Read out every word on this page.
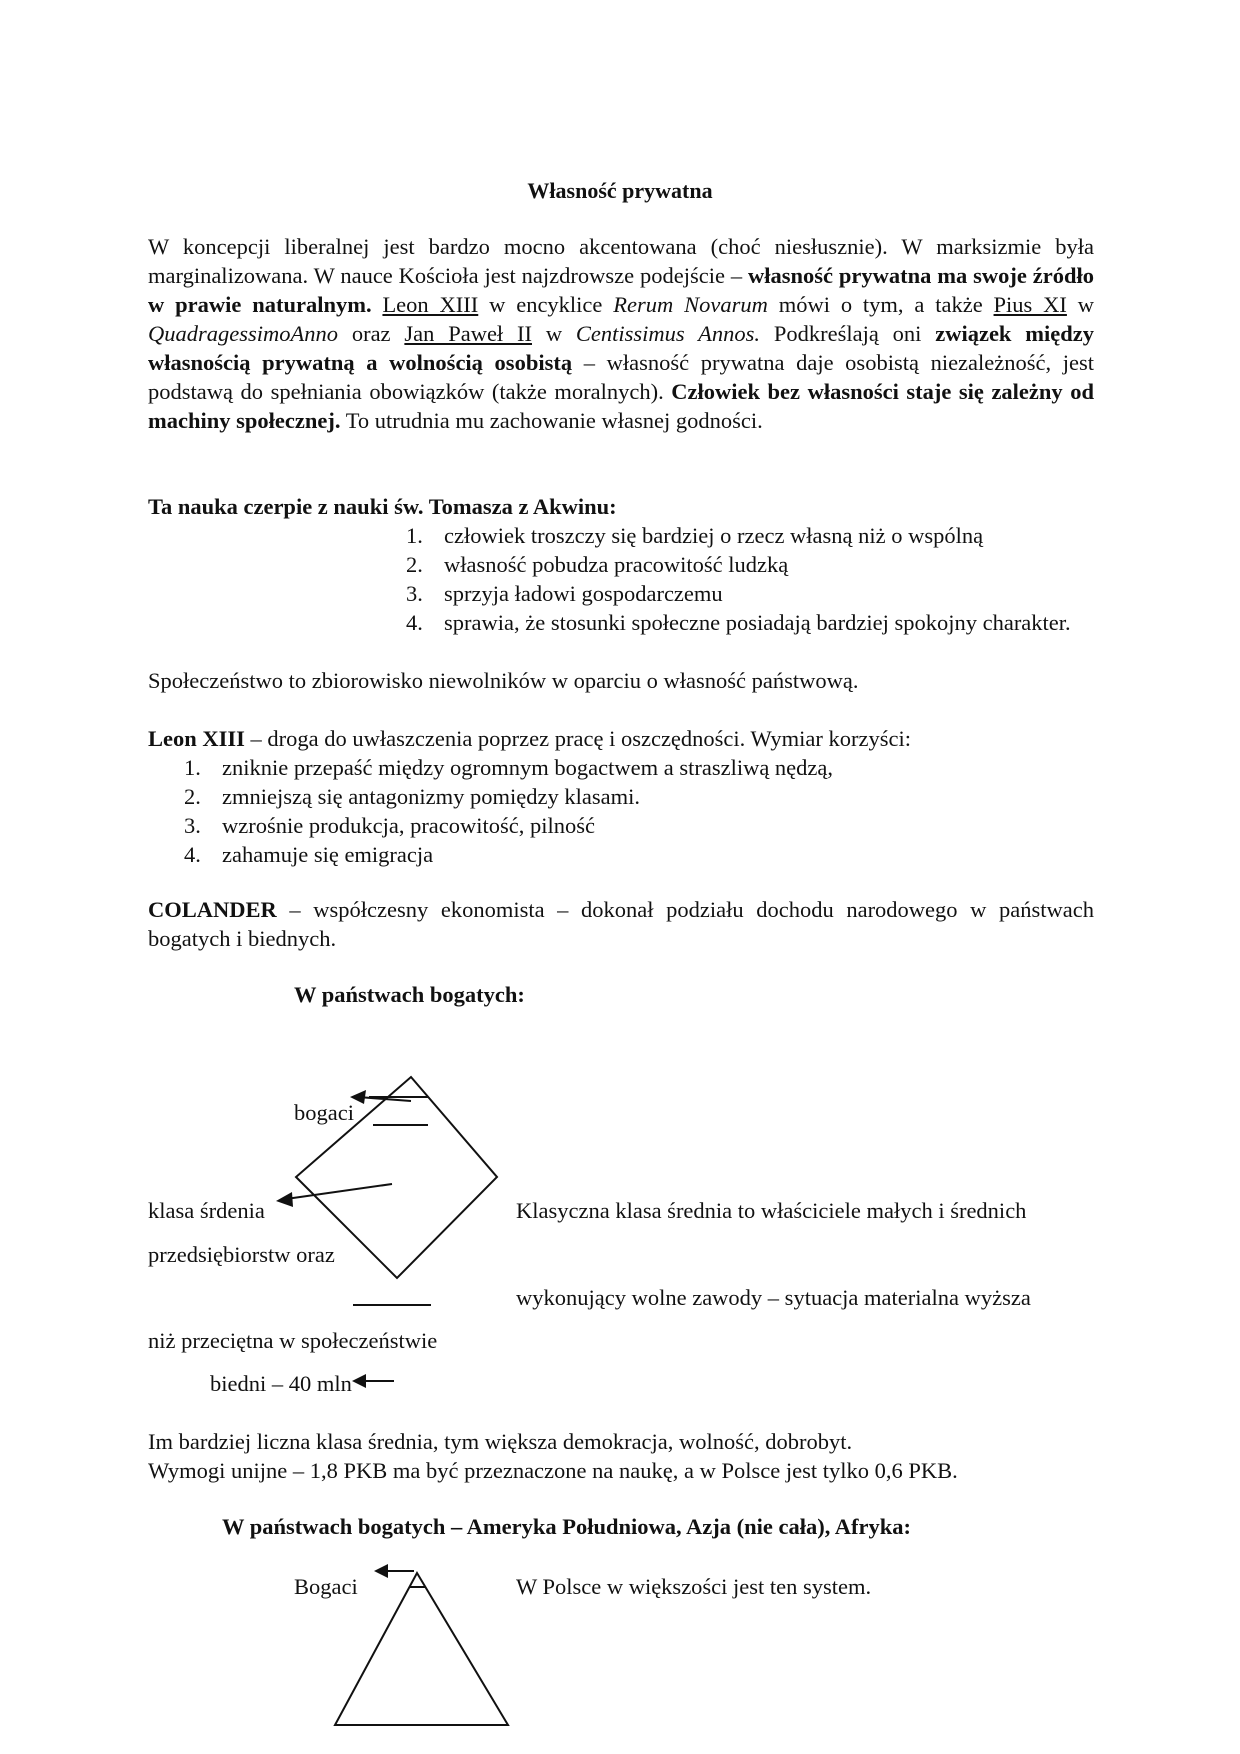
Własność prywatna
W koncepcji liberalnej jest bardzo mocno akcentowana (choć niesłusznie). W marksizmie była marginalizowana. W nauce Kościoła jest najzdrowsze podejście – własność prywatna ma swoje źródło w prawie naturalnym. Leon XIII w encyklice Rerum Novarum mówi o tym, a także Pius XI w QuadragessimoAnno oraz Jan Paweł II w Centissimus Annos. Podkreślają oni związek między własnością prywatną a wolnością osobistą – własność prywatna daje osobistą niezależność, jest podstawą do spełniania obowiązków (także moralnych). Człowiek bez własności staje się zależny od machiny społecznej. To utrudnia mu zachowanie własnej godności.
Ta nauka czerpie z nauki św. Tomasza z Akwinu:
1. człowiek troszczy się bardziej o rzecz własną niż o wspólną
2. własność pobudza pracowitość ludzką
3. sprzyja ładowi gospodarczemu
4. sprawia, że stosunki społeczne posiadają bardziej spokojny charakter.
Społeczeństwo to zbiorowisko niewolników w oparciu o własność państwową.
Leon XIII – droga do uwłaszczenia poprzez pracę i oszczędności. Wymiar korzyści:
1. zniknie przepaść między ogromnym bogactwem a straszliwą nędzą,
2. zmniejszą się antagonizmy pomiędzy klasami.
3. wzrośnie produkcja, pracowitość, pilność
4. zahamuje się emigracja
COLANDER – współczesny ekonomista – dokonał podziału dochodu narodowego w państwach bogatych i biednych.
W państwach bogatych:
bogaci
klasa śrdenia	Klasyczna klasa średnia to właściciele małych i średnich
przedsiębiorstw oraz
wykonujący wolne zawody – sytuacja materialna wyższa
niż przeciętna w społeczeństwie
biedni – 40 mln
Im bardziej liczna klasa średnia, tym większa demokracja, wolność, dobrobyt.
Wymogi unijne – 1,8 PKB ma być przeznaczone na naukę, a w Polsce jest tylko 0,6 PKB.
W państwach bogatych – Ameryka Południowa, Azja (nie cała), Afryka:
Bogaci	W Polsce w większości jest ten system.
